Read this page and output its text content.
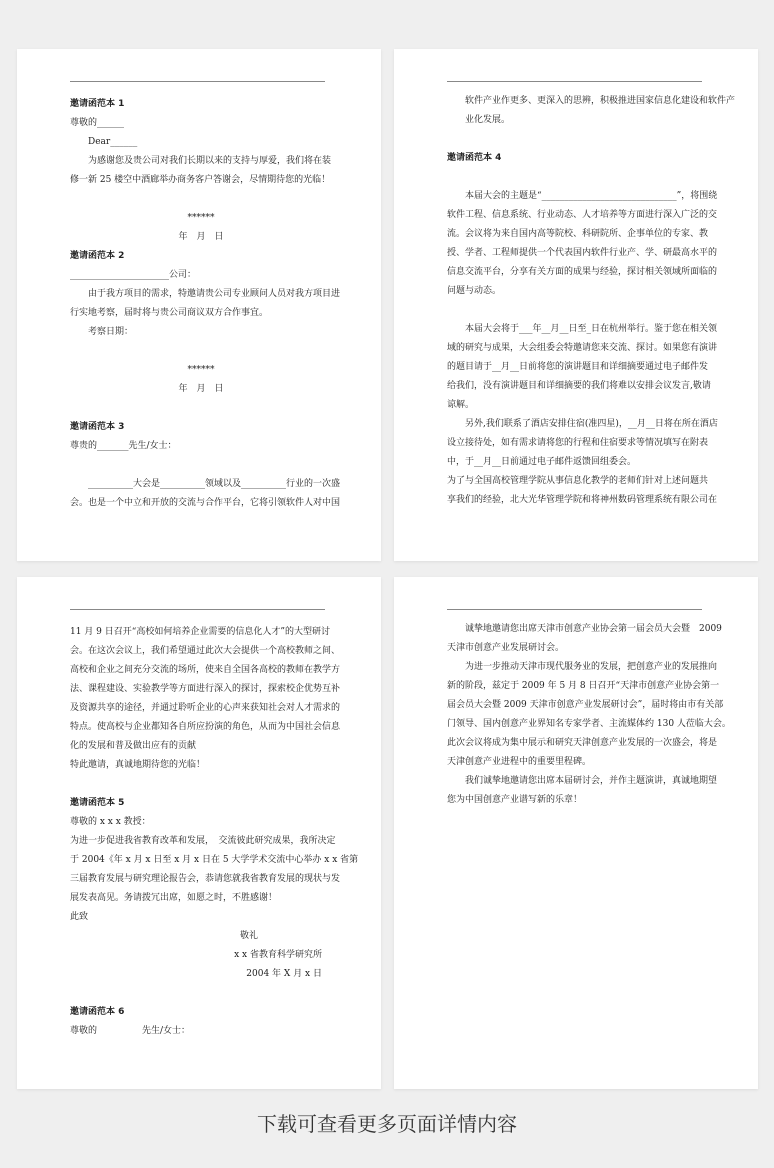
邀请函范本 1
尊敬的______
Dear______
为感谢您及贵公司对我们长期以来的支持与厚爱，我们将在装
修一新 25 楼空中酒廊举办商务客户答谢会，尽情期待您的光临！
******
年　月　日
邀请函范本 2
______________________公司：
由于我方项目的需求，特邀请贵公司专业顾问人员对我方项目进
行实地考察，届时将与贵公司商议双方合作事宜。
考察日期：
******
年　月　日
邀请函范本 3
尊贵的_______先生/女士：
__________大会是__________领域以及__________行业的一次盛
会。也是一个中立和开放的交流与合作平台，它将引领软件人对中国
软件产业作更多、更深入的思辨，积极推进国家信息化建设和软件产
业化发展。
邀请函范本 4
本届大会的主题是“______________________________”，将围绕
软件工程、信息系统、行业动态、人才培养等方面进行深入广泛的交
流。会议将为来自国内高等院校、科研院所、企事单位的专家、教
授、学者、工程师提供一个代表国内软件行业产、学、研最高水平的
信息交流平台，分享有关方面的成果与经验，探讨相关领域所面临的
问题与动态。
本届大会将于___年__月__日至_日在杭州举行。鉴于您在相关领
域的研究与成果，大会组委会特邀请您来交流、探讨。如果您有演讲
的题目请于__月__日前将您的演讲题目和详细摘要通过电子邮件发
给我们，没有演讲题目和详细摘要的我们将难以安排会议发言,敬请
谅解。
另外,我们联系了酒店安排住宿(准四星)，__月__日将在所在酒店
设立接待处，如有需求请将您的行程和住宿要求等情况填写在附表
中，于__月__日前通过电子邮件返馈回组委会。
为了与全国高校管理学院从事信息化教学的老师们针对上述问题共
享我们的经验，北大光华管理学院和将神州数码管理系统有限公司在
11 月 9 日召开“高校如何培养企业需要的信息化人才”的大型研讨
会。在这次会议上，我们希望通过此次大会提供一个高校教师之间、
高校和企业之间充分交流的场所，使来自全国各高校的教师在教学方
法、课程建设、实验教学等方面进行深入的探讨，探索校企优势互补
及资源共享的途径，并通过聆听企业的心声来获知社会对人才需求的
特点。使高校与企业都知各自所应扮演的角色，从而为中国社会信息
化的发展和普及做出应有的贡献
特此邀请，真诚地期待您的光临！
邀请函范本 5
尊敬的 x x x 教授：
为进一步促进我省教育改革和发展，　交流彼此研究成果，我所决定
于 2004《年 x 月 x 日至 x 月 x 日在 5 大学学术交流中心举办 x x 省第
三届教育发展与研究理论报告会，恭请您就我省教育发展的现状与发
展发表高见。务请拨冗出席，如愿之时，不胜感谢！
此致
敬礼
x x 省教育科学研究所
2004 年 X 月 x 日
邀请函范本 6
尊敬的　　　　　先生/女士：
诚挚地邀请您出席天津市创意产业协会第一届会员大会暨　2009
天津市创意产业发展研讨会。
为进一步推动天津市现代服务业的发展，把创意产业的发展推向
新的阶段，兹定于 2009 年 5 月 8 日召开“天津市创意产业协会第一
届会员大会暨 2009 天津市创意产业发展研讨会”，届时将由市有关部
门领导、国内创意产业界知名专家学者、主流媒体约 130 人莅临大会。
此次会议将成为集中展示和研究天津创意产业发展的一次盛会，将是
天津创意产业进程中的重要里程碑。
我们诚挚地邀请您出席本届研讨会，并作主题演讲，真诚地期望
您为中国创意产业谱写新的乐章！
下载可查看更多页面详情内容
